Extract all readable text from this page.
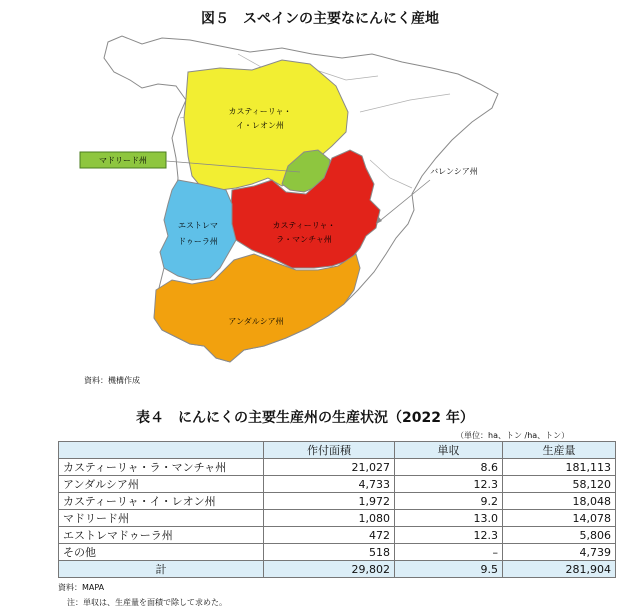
図５　スペインの主要なにんにく産地
カスティーリャ・
イ・レオン州
カスティーリャ・
ラ・マンチャ州
エストレマ
ドゥーラ州
アンダルシア州
マドリード州
バレンシア州
資料：機構作成
表４　にんにくの主要生産州の生産状況（2022 年）
（単位：ha、トン /ha、トン）
	作付面積	単収	生産量
カスティーリャ・ラ・マンチャ州	21,027	8.6	181,113
アンダルシア州	4,733	12.3	58,120
カスティーリャ・イ・レオン州	1,972	9.2	18,048
マドリード州	1,080	13.0	14,078
エストレマドゥーラ州	472	12.3	5,806
その他	518	–	4,739
計	29,802	9.5	281,904
資料：MAPA
注：単収は、生産量を面積で除して求めた。
